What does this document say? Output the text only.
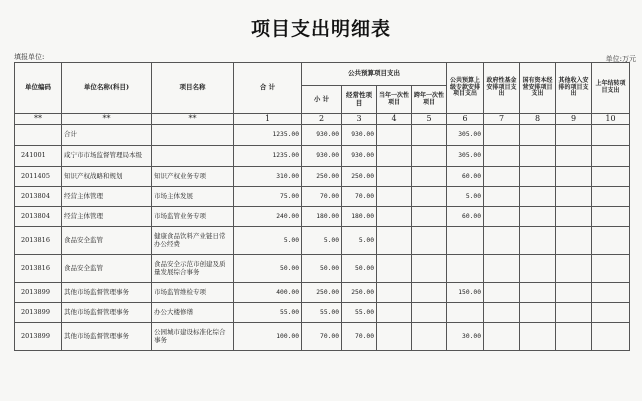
项目支出明细表
填报单位:	单位:万元
单位编码	单位名称(科目)	项目名称	合 计	公共预算项目支出				公共预算上级专款安排项目支出	政府性基金安排项目支出	国有资本经营安排项目支出	其他收入安排的项目支出	上年结转项目支出
				小 计	经常性项目	当年一次性项目	跨年一次性项目					
**	**	**	1	2	3	4	5	6	7	8	9	10
	合计		1235.00	930.00	930.00			305.00				
241001	咸宁市市场监督管理局本级		1235.00	930.00	930.00			305.00				
2011405	知识产权战略和规划	知识产权业务专项	310.00	250.00	250.00			60.00				
2013804	经营主体管理	市场主体发展	75.00	70.00	70.00			5.00				
2013804	经营主体管理	市场监管业务专项	240.00	180.00	180.00			60.00				
2013816	食品安全监管	健康食品饮料产业链日常办公经费	5.00	5.00	5.00							
2013816	食品安全监管	食品安全示范市创建及质量发展综合事务	50.00	50.00	50.00							
2013899	其他市场监督管理事务	市场监管维检专项	400.00	250.00	250.00			150.00				
2013899	其他市场监督管理事务	办公大楼修缮	55.00	55.00	55.00							
2013899	其他市场监督管理事务	公园城市建设标准化综合事务	100.00	70.00	70.00			30.00				
